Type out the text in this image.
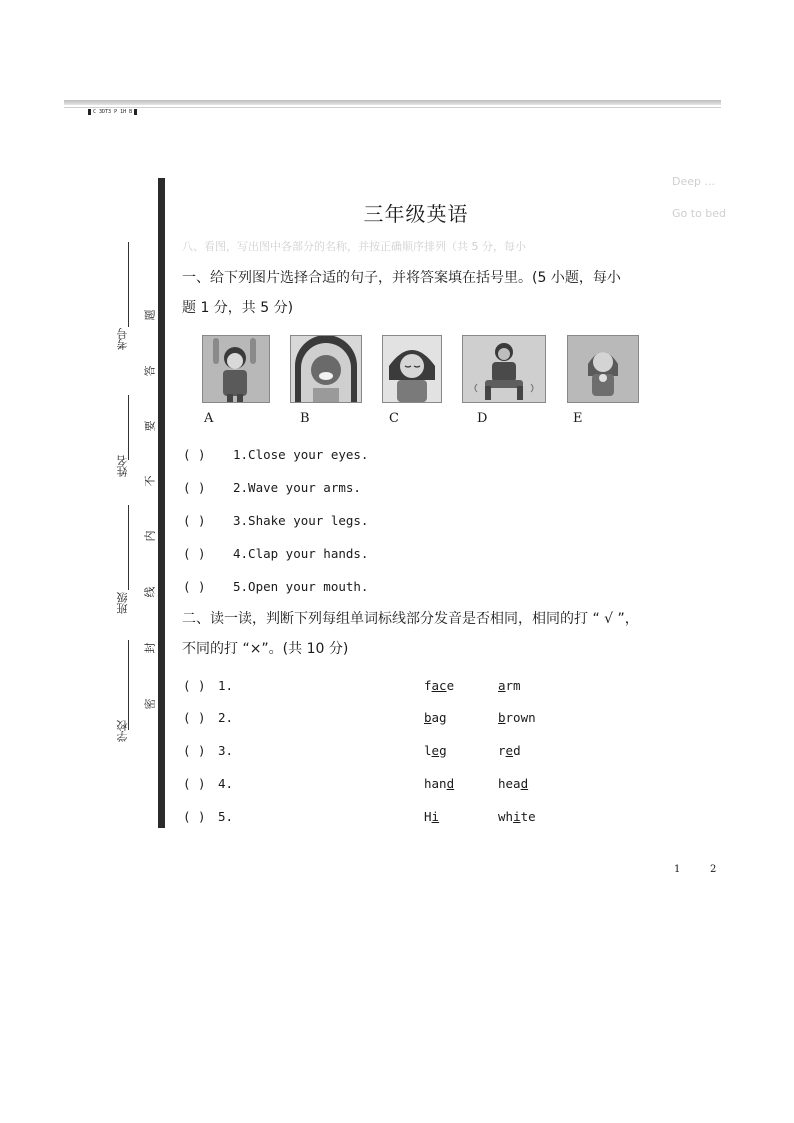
C 3DT3 P 1H B
Deep ...
Go to bed
八、看图，写出图中各部分的名称，并按正确顺序排列（共 5 分，每小
考号
姓名
班级
学校
题
答
要
不
内
线
封
密
三年级英语
一、给下列图片选择合适的句子，并将答案填在括号里。(5 小题，每小
题 1 分，共 5 分)
A	B	C	D	E
( ) 1.Close your eyes.
( ) 2.Wave your arms.
( ) 3.Shake your legs.
( ) 4.Clap your hands.
( ) 5.Open your mouth.
二、读一读，判断下列每组单词标线部分发音是否相同，相同的打 “ √ ”，
不同的打 “×”。(共 10 分)
( ) 1.	face	arm
( ) 2.	bag	brown
( ) 3.	leg	red
( ) 4.	hand	head
( ) 5.	Hi	white
1	2
